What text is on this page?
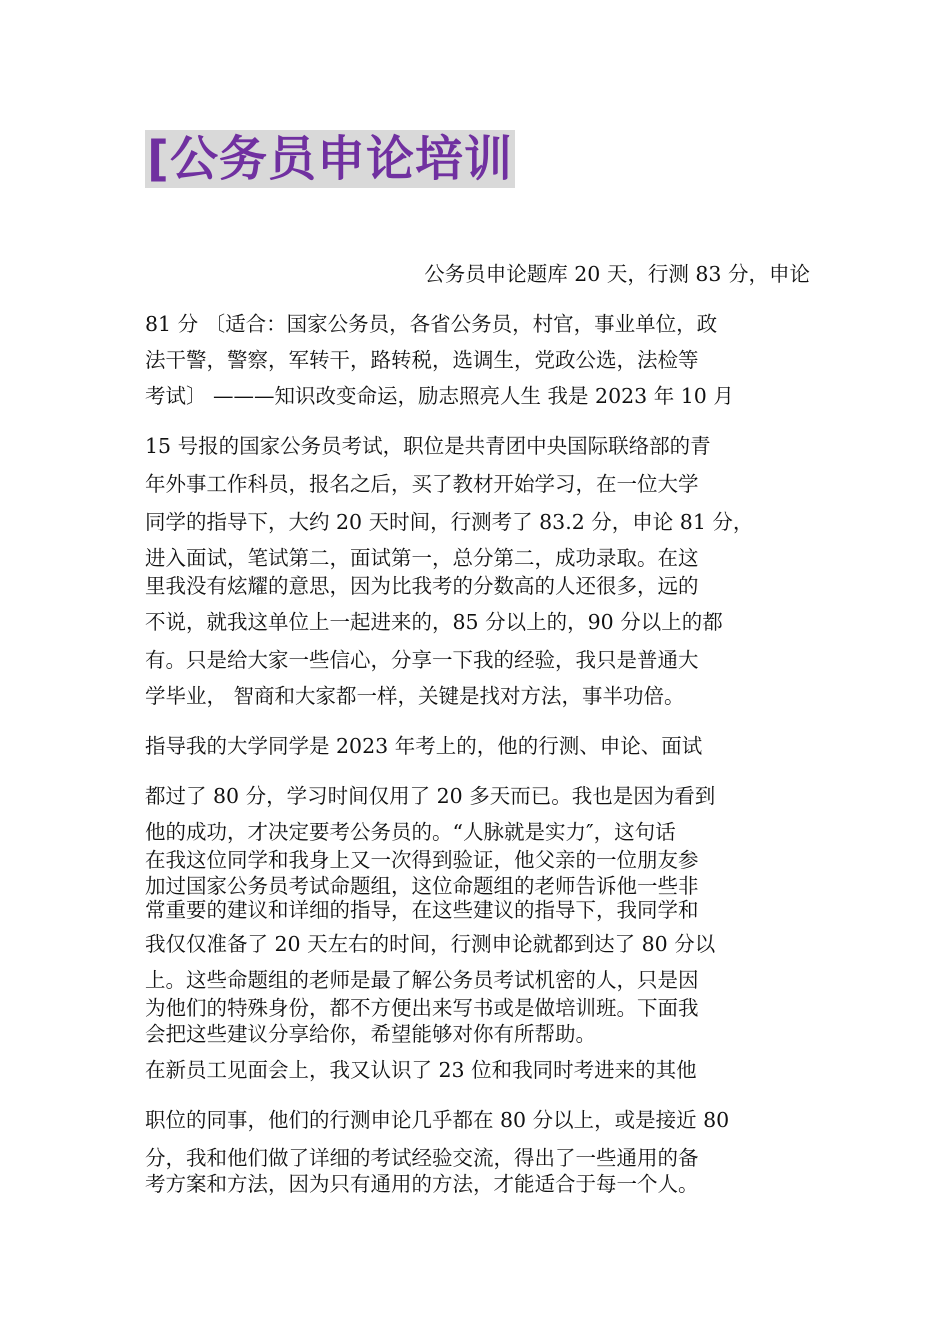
[公务员申论培训
公务员申论题库 20 天，行测 83 分，申论
81 分 〔适合：国家公务员，各省公务员，村官，事业单位，政
法干警，警察，军转干，路转税，选调生，党政公选，法检等
考试〕 ———知识改变命运，励志照亮人生 我是 2023 年 10 月
15 号报的国家公务员考试，职位是共青团中央国际联络部的青
年外事工作科员，报名之后，买了教材开始学习，在一位大学
同学的指导下，大约 20 天时间，行测考了 83.2 分，申论 81 分，
进入面试，笔试第二，面试第一，总分第二，成功录取。在这
里我没有炫耀的意思，因为比我考的分数高的人还很多，远的
不说，就我这单位上一起进来的，85 分以上的，90 分以上的都
有。只是给大家一些信心，分享一下我的经验，我只是普通大
学毕业， 智商和大家都一样，关键是找对方法，事半功倍。
指导我的大学同学是 2023 年考上的，他的行测、申论、面试
都过了 80 分，学习时间仅用了 20 多天而已。我也是因为看到
他的成功，才决定要考公务员的。“人脉就是实力″，这句话
在我这位同学和我身上又一次得到验证，他父亲的一位朋友参
加过国家公务员考试命题组，这位命题组的老师告诉他一些非
常重要的建议和详细的指导，在这些建议的指导下，我同学和
我仅仅准备了 20 天左右的时间，行测申论就都到达了 80 分以
上。这些命题组的老师是最了解公务员考试机密的人，只是因
为他们的特殊身份，都不方便出来写书或是做培训班。下面我
会把这些建议分享给你，希望能够对你有所帮助。
在新员工见面会上，我又认识了 23 位和我同时考进来的其他
职位的同事，他们的行测申论几乎都在 80 分以上，或是接近 80
分，我和他们做了详细的考试经验交流，得出了一些通用的备
考方案和方法，因为只有通用的方法，才能适合于每一个人。
